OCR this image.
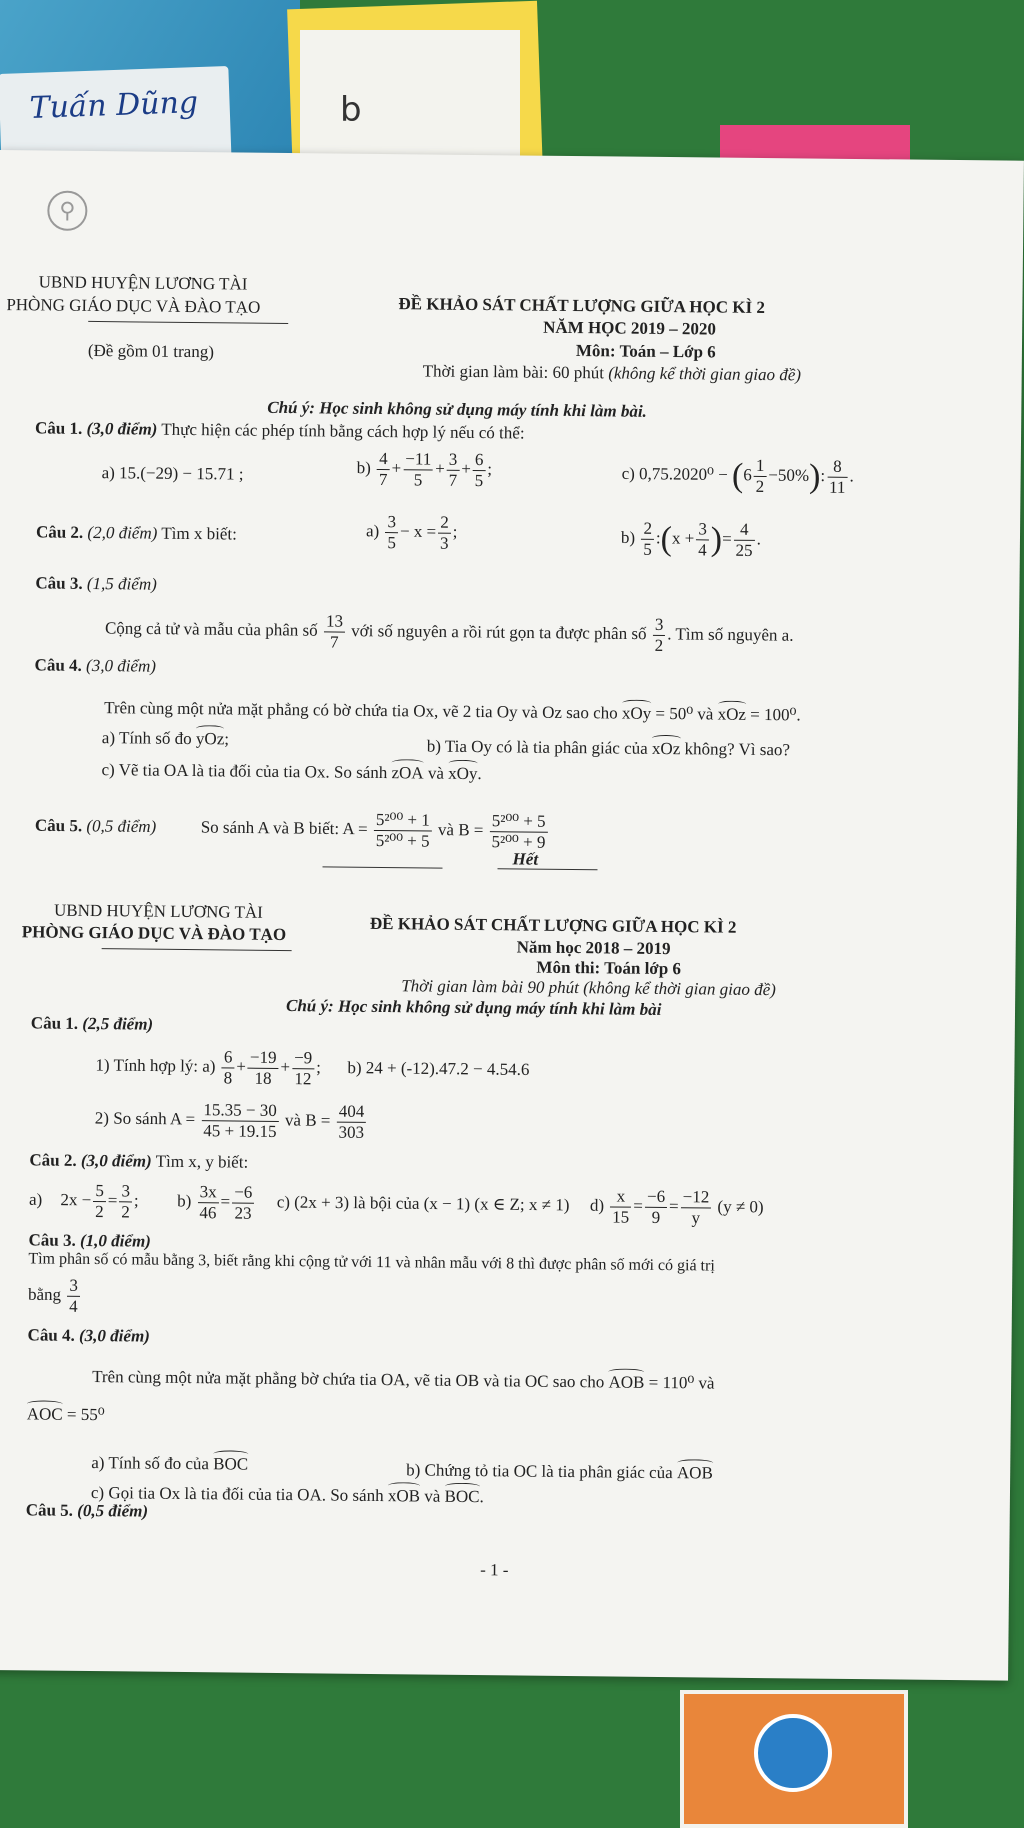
Tuấn Dũng	b
⚲
UBND HUYỆN LƯƠNG TÀI
PHÒNG GIÁO DỤC VÀ ĐÀO TẠO	ĐỀ KHẢO SÁT CHẤT LƯỢNG GIỮA HỌC KÌ 2
NĂM HỌC 2019 – 2020
(Đề gồm 01 trang)	Môn: Toán – Lớp 6
Thời gian làm bài: 60 phút (không kể thời gian giao đề)
Chú ý: Học sinh không sử dụng máy tính khi làm bài.
Câu 1. (3,0 điểm) Thực hiện các phép tính bằng cách hợp lý nếu có thể:
a) 15.(−29) − 15.71 ;	$b) \frac{4}{7} + \frac{-11}{5} + \frac{3}{7} + \frac{6}{5}$ ;	c) $0,75.2020^0 - (6 \frac{1}{2} -50\%)$: $\frac{8}{11}$ .
Câu 2. (2,0 điểm) Tìm x biết:	$a) \frac{3}{5} - x = \frac{2}{3}$ ;	$b) \frac{2}{5}$ :(x + $\frac{3}{4}$ )= $\frac{4}{25}$ .
Câu 3. (1,5 điểm)
Cộng cả tử và mẫu của phân số $\frac{13}{7}$ với số nguyên a rồi rút gọn ta được phân số $\frac{3}{2}$ . Tìm số nguyên a.
Câu 4. (3,0 điểm)
Trên cùng một nửa mặt phẳng có bờ chứa tia Ox, vẽ 2 tia Oy và Oz sao cho xOy = 50⁰ và xOz = 100⁰.
a) Tính số đo yOz;	b) Tia Oy có là tia phân giác của xOz không? Vì sao?
c) Vẽ tia OA là tia đối của tia Ox. So sánh zOA và xOy.
Câu 5. (0,5 điểm)	So sánh A và B biết: $A = \frac{\text{5²⁰⁰ + 1}}{\text{5²⁰⁰ + 5}}$ và $B = \frac{\text{5²⁰⁰ + 5}}{\text{5²⁰⁰ + 9}}$
Hết
UBND HUYỆN LƯƠNG TÀI
PHÒNG GIÁO DỤC VÀ ĐÀO TẠO	ĐỀ KHẢO SÁT CHẤT LƯỢNG GIỮA HỌC KÌ 2
Năm học 2018 – 2019
Môn thi: Toán lớp 6
Thời gian làm bài 90 phút (không kể thời gian giao đề)
Chú ý: Học sinh không sử dụng máy tính khi làm bài
Câu 1. (2,5 điểm)
1) Tính hợp lý: $a) \frac{6}{8} + \frac{-19}{18} + \frac{-9}{12}$ ;  b) 24 + (-12).47.2 − 4.54.6
2) So sánh $A = \frac{15.35 - 30}{45 + 19.15}$ và $B = \frac{404}{303}$
Câu 2. (3,0 điểm) Tìm x, y biết:
a) $2x - \frac{5}{2} = \frac{3}{2}$ ;  $b) \frac{3x}{46} = \frac{-6}{23} c$) (2x + 3) là bội của (x − 1) (x ∈ Z; x ≠ 1)  $d) \frac{x}{15} = \frac{-6}{9} = \frac{-12}{y} (y \ne 0)$
Câu 3. (1,0 điểm)
Tìm phân số có mẫu bằng 3, biết rằng khi cộng tử với 11 và nhân mẫu với 8 thì được phân số mới có giá trị
bằng $\frac{3}{4}$
Câu 4. (3,0 điểm)
Trên cùng một nửa mặt phẳng bờ chứa tia OA, vẽ tia OB và tia OC sao cho AOB = 110⁰ và
AOC = 55⁰
a) Tính số đo của BOC	b) Chứng tỏ tia OC là tia phân giác của AOB
c) Gọi tia Ox là tia đối của tia OA. So sánh xOB và BOC.
Câu 5. (0,5 điểm)
- 1 -
